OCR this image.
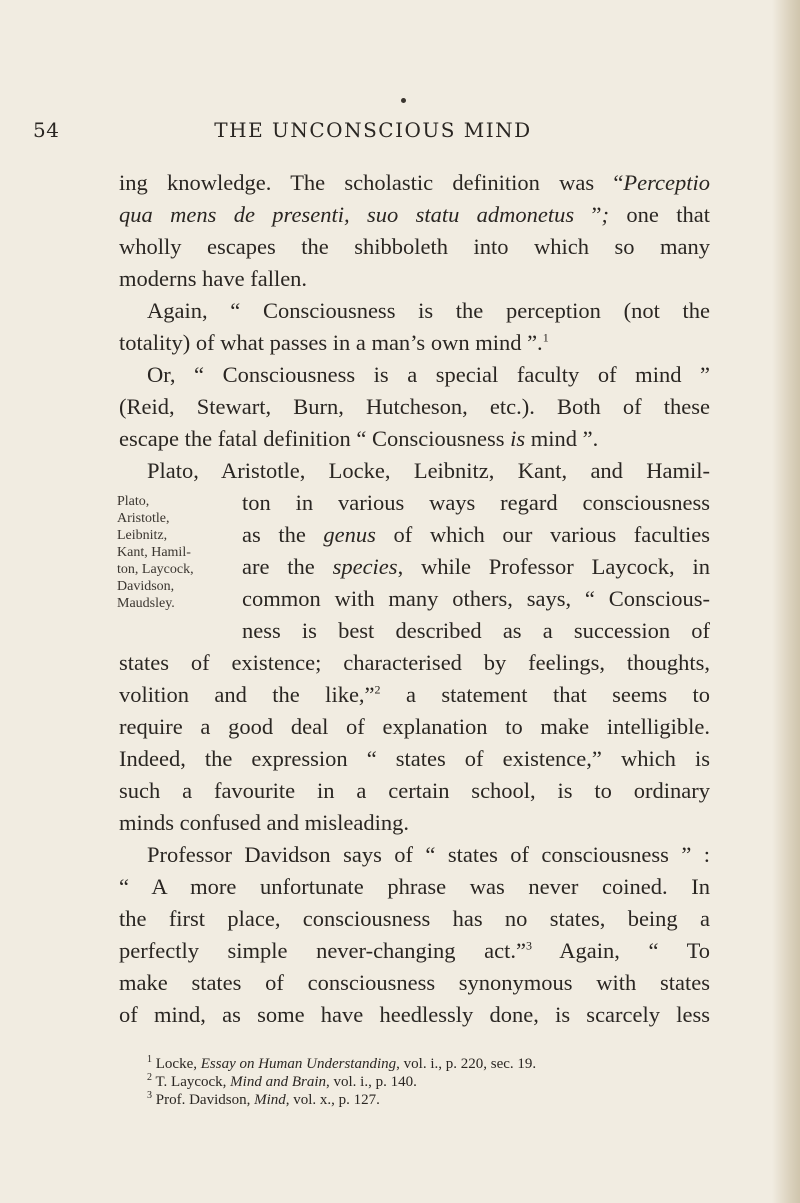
54	THE UNCONSCIOUS MIND
ing knowledge. The scholastic definition was “Perceptio
qua mens de presenti, suo statu admonetus ”; one that
wholly escapes the shibboleth into which so many
moderns have fallen.
Again, “ Consciousness is the perception (not the
totality) of what passes in a man’s own mind ”.$^1$
Or, “ Consciousness is a special faculty of mind ”
(Reid, Stewart, Burn, Hutcheson, etc.). Both of these
escape the fatal definition “ Consciousness is mind ”.
Plato, Aristotle, Locke, Leibnitz, Kant, and Hamil-
Plato,
Aristotle,
Leibnitz,
Kant, Hamil-
ton, Laycock,
Davidson,
Maudsley.
ton in various ways regard consciousness
as the genus of which our various faculties
are the species, while Professor Laycock, in
common with many others, says, “ Conscious-
ness is best described as a succession of
states of existence; characterised by feelings, thoughts,
volition and the like,”$^2$ a statement that seems to
require a good deal of explanation to make intelligible.
Indeed, the expression “ states of existence,” which is
such a favourite in a certain school, is to ordinary
minds confused and misleading.
Professor Davidson says of “ states of consciousness ” :
“ A more unfortunate phrase was never coined. In
the first place, consciousness has no states, being a
perfectly simple never-changing act.”$^3$ Again, “ To
make states of consciousness synonymous with states
of mind, as some have heedlessly done, is scarcely less
$^1$ Locke, Essay on Human Understanding, vol. i., p. 220, sec. 19.
$^2$ T. Laycock, Mind and Brain, vol. i., p. 140.
$^3$ Prof. Davidson, Mind, vol. x., p. 127.
